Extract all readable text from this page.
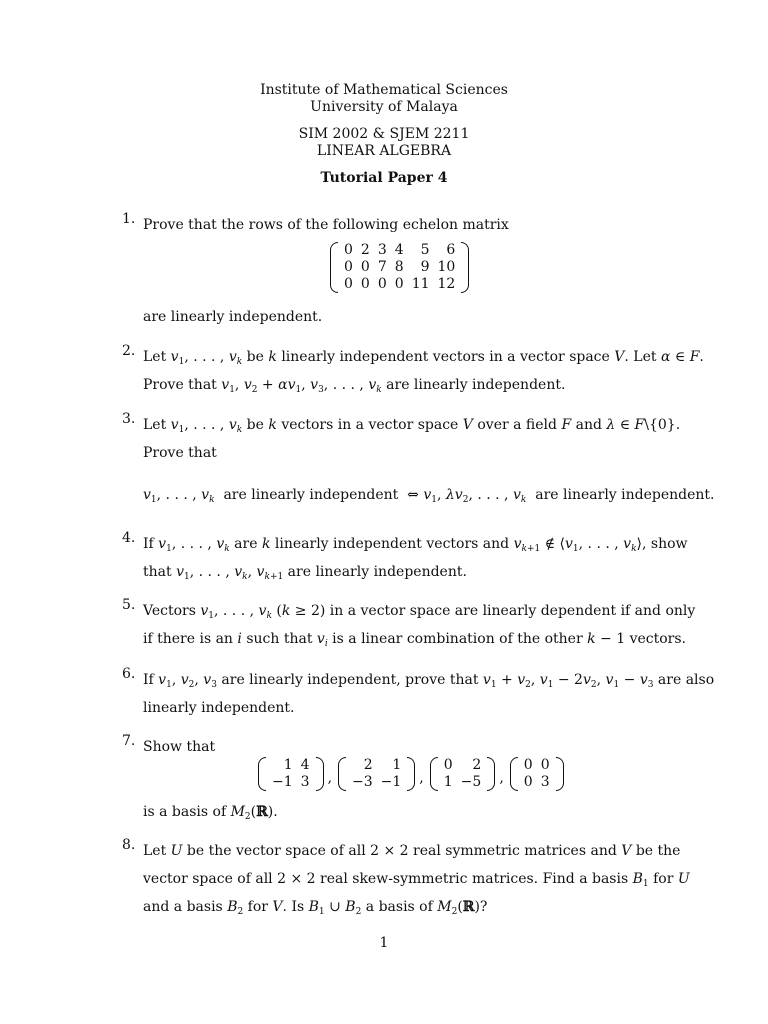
Institute of Mathematical Sciences
University of Malaya
SIM 2002 & SJEM 2211
LINEAR ALGEBRA
Tutorial Paper 4
1. Prove that the rows of the following echelon matrix
0	2	3	4	5	6
0	0	7	8	9	10
0	0	0	0	11	12
are linearly independent.
2. Let $v_1$, . . . , $v_k$ be k linearly independent vectors in a vector space V. Let α ∈ F.
Prove that $v_1$, $v_2 + \alpha v_1$, $v_3$, . . . , $v_k$ are linearly independent.
3. Let $v_1$, . . . , $v_k$ be k vectors in a vector space V over a field F and λ ∈ F\{0}.
Prove that
$v_1$, . . . , $v_k$  are linearly independent  ⇔ $v_1$, $\lambda v_2$, . . . , $v_k$  are linearly independent.
4. If $v_1$, . . . , $v_k$ are k linearly independent vectors and $v_{k+1}$ ∉ $⟨v_1$, . . . , $v_k⟩$, show
that $v_1$, . . . , $v_k$, $v_{k+1}$ are linearly independent.
5. Vectors $v_1$, . . . , $v_k$ (k ≥ 2) in a vector space are linearly dependent if and only
if there is an i such that $v_i$ is a linear combination of the other k − 1 vectors.
6. If $v_1$, $v_2$, $v_3$ are linearly independent, prove that $v_1 + v_2$, $v_1 - 2v_2$, $v_1 - v_3$ are also
linearly independent.
7. Show that
1	4
−1	3 ,
2	1
−3	−1 ,
0	2
1	−5 ,
0	0
0	3
is a basis of $M_2(ℝ)$.
8. Let U be the vector space of all 2 × 2 real symmetric matrices and V be the
vector space of all 2 × 2 real skew-symmetric matrices. Find a basis $B_1$ for U
and a basis $B_2$ for V. Is $B_1$ ∪ $B_2$ a basis of $M_2(ℝ)$?
1
